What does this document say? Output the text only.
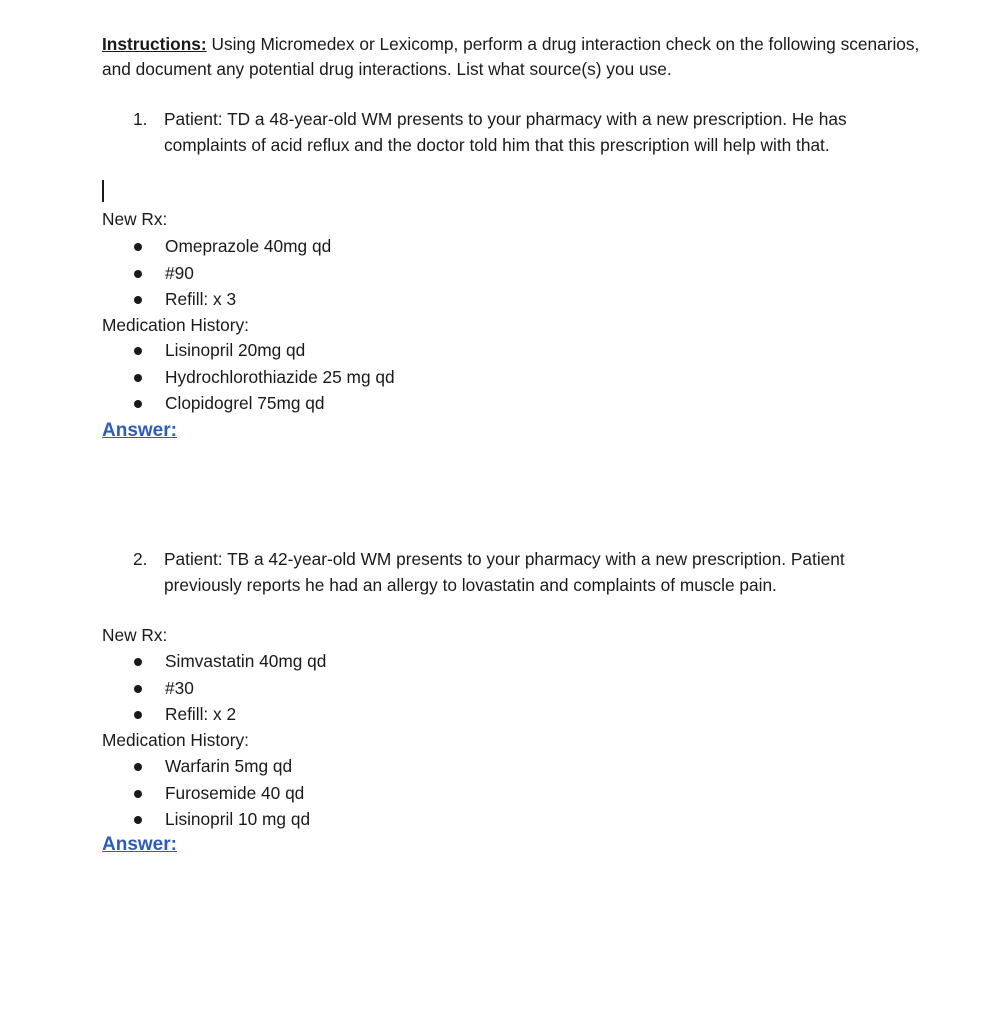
Instructions: Using Micromedex or Lexicomp, perform a drug interaction check on the following scenarios, and document any potential drug interactions. List what source(s) you use.
1. Patient: TD a 48-year-old WM presents to your pharmacy with a new prescription. He has complaints of acid reflux and the doctor told him that this prescription will help with that.
New Rx:
Omeprazole 40mg qd
#90
Refill: x 3
Medication History:
Lisinopril 20mg qd
Hydrochlorothiazide 25 mg qd
Clopidogrel 75mg qd
Answer:
2. Patient: TB a 42-year-old WM presents to your pharmacy with a new prescription. Patient previously reports he had an allergy to lovastatin and complaints of muscle pain.
New Rx:
Simvastatin 40mg qd
#30
Refill: x 2
Medication History:
Warfarin 5mg qd
Furosemide 40 qd
Lisinopril 10 mg qd
Answer:
